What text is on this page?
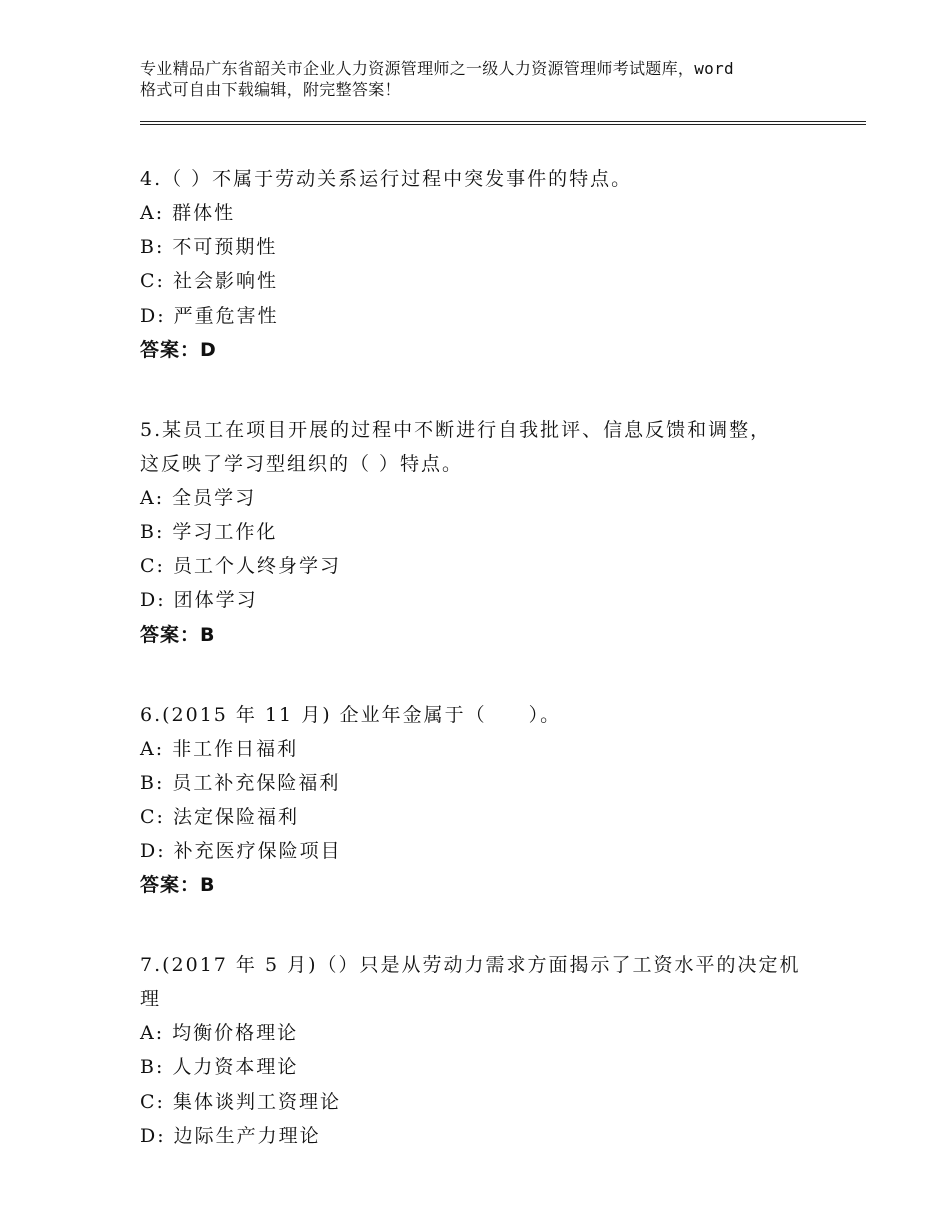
专业精品广东省韶关市企业人力资源管理师之一级人力资源管理师考试题库，word
格式可自由下载编辑，附完整答案！
4.（ ）不属于劳动关系运行过程中突发事件的特点。
A: 群体性
B: 不可预期性
C: 社会影响性
D: 严重危害性
答案：D
5.某员工在项目开展的过程中不断进行自我批评、信息反馈和调整，
这反映了学习型组织的（ ）特点。
A: 全员学习
B: 学习工作化
C: 员工个人终身学习
D: 团体学习
答案：B
6.(2015 年 11 月) 企业年金属于（　　）。
A: 非工作日福利
B: 员工补充保险福利
C: 法定保险福利
D: 补充医疗保险项目
答案：B
7.(2017 年 5 月)（）只是从劳动力需求方面揭示了工资水平的决定机
理
A: 均衡价格理论
B: 人力资本理论
C: 集体谈判工资理论
D: 边际生产力理论
